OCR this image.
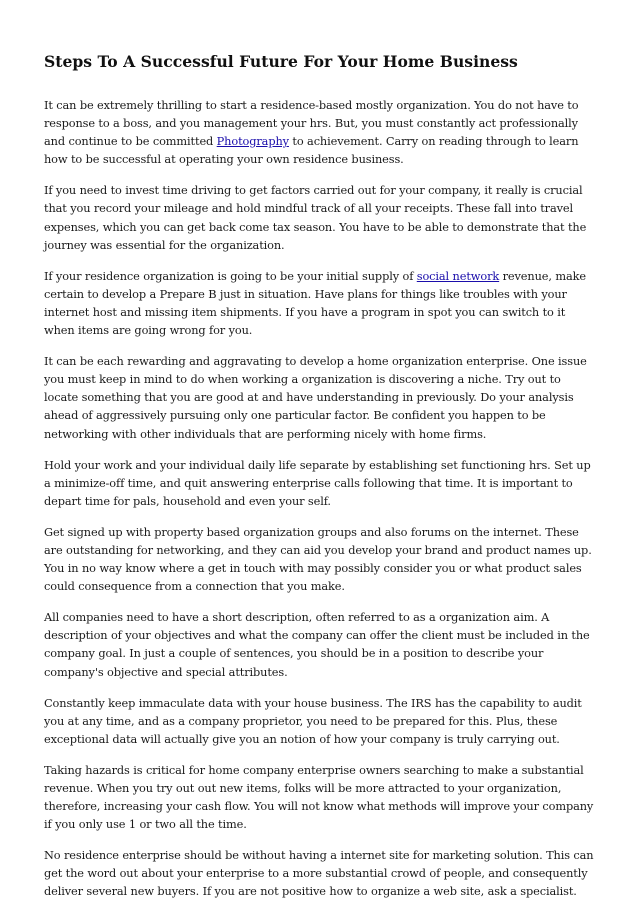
Steps To A Successful Future For Your Home Business

It can be extremely thrilling to start a residence-based mostly organization. You do not have to response to a boss, and you management your hrs. But, you must constantly act professionally and continue to be committed Photography to achievement. Carry on reading through to learn how to be successful at operating your own residence business.

If you need to invest time driving to get factors carried out for your company, it really is crucial that you record your mileage and hold mindful track of all your receipts. These fall into travel expenses, which you can get back come tax season. You have to be able to demonstrate that the journey was essential for the organization.

If your residence organization is going to be your initial supply of social network revenue, make certain to develop a Prepare B just in situation. Have plans for things like troubles with your internet host and missing item shipments. If you have a program in spot you can switch to it when items are going wrong for you.

It can be each rewarding and aggravating to develop a home organization enterprise. One issue you must keep in mind to do when working a organization is discovering a niche. Try out to locate something that you are good at and have understanding in previously. Do your analysis ahead of aggressively pursuing only one particular factor. Be confident you happen to be networking with other individuals that are performing nicely with home firms.

Hold your work and your individual daily life separate by establishing set functioning hrs. Set up a minimize-off time, and quit answering enterprise calls following that time. It is important to depart time for pals, household and even your self.

Get signed up with property based organization groups and also forums on the internet. These are outstanding for networking, and they can aid you develop your brand and product names up. You in no way know where a get in touch with may possibly consider you or what product sales could consequence from a connection that you make.

All companies need to have a short description, often referred to as a organization aim. A description of your objectives and what the company can offer the client must be included in the company goal. In just a couple of sentences, you should be in a position to describe your company's objective and special attributes.

Constantly keep immaculate data with your house business. The IRS has the capability to audit you at any time, and as a company proprietor, you need to be prepared for this. Plus, these exceptional data will actually give you an notion of how your company is truly carrying out.

Taking hazards is critical for home company enterprise owners searching to make a substantial revenue. When you try out out new items, folks will be more attracted to your organization, therefore, increasing your cash flow. You will not know what methods will improve your company if you only use 1 or two all the time.

No residence enterprise should be without having a internet site for marketing solution. This can get the word out about your enterprise to a more substantial crowd of people, and consequently deliver several new buyers. If you are not positive how to organize a web site, ask a specialist.
